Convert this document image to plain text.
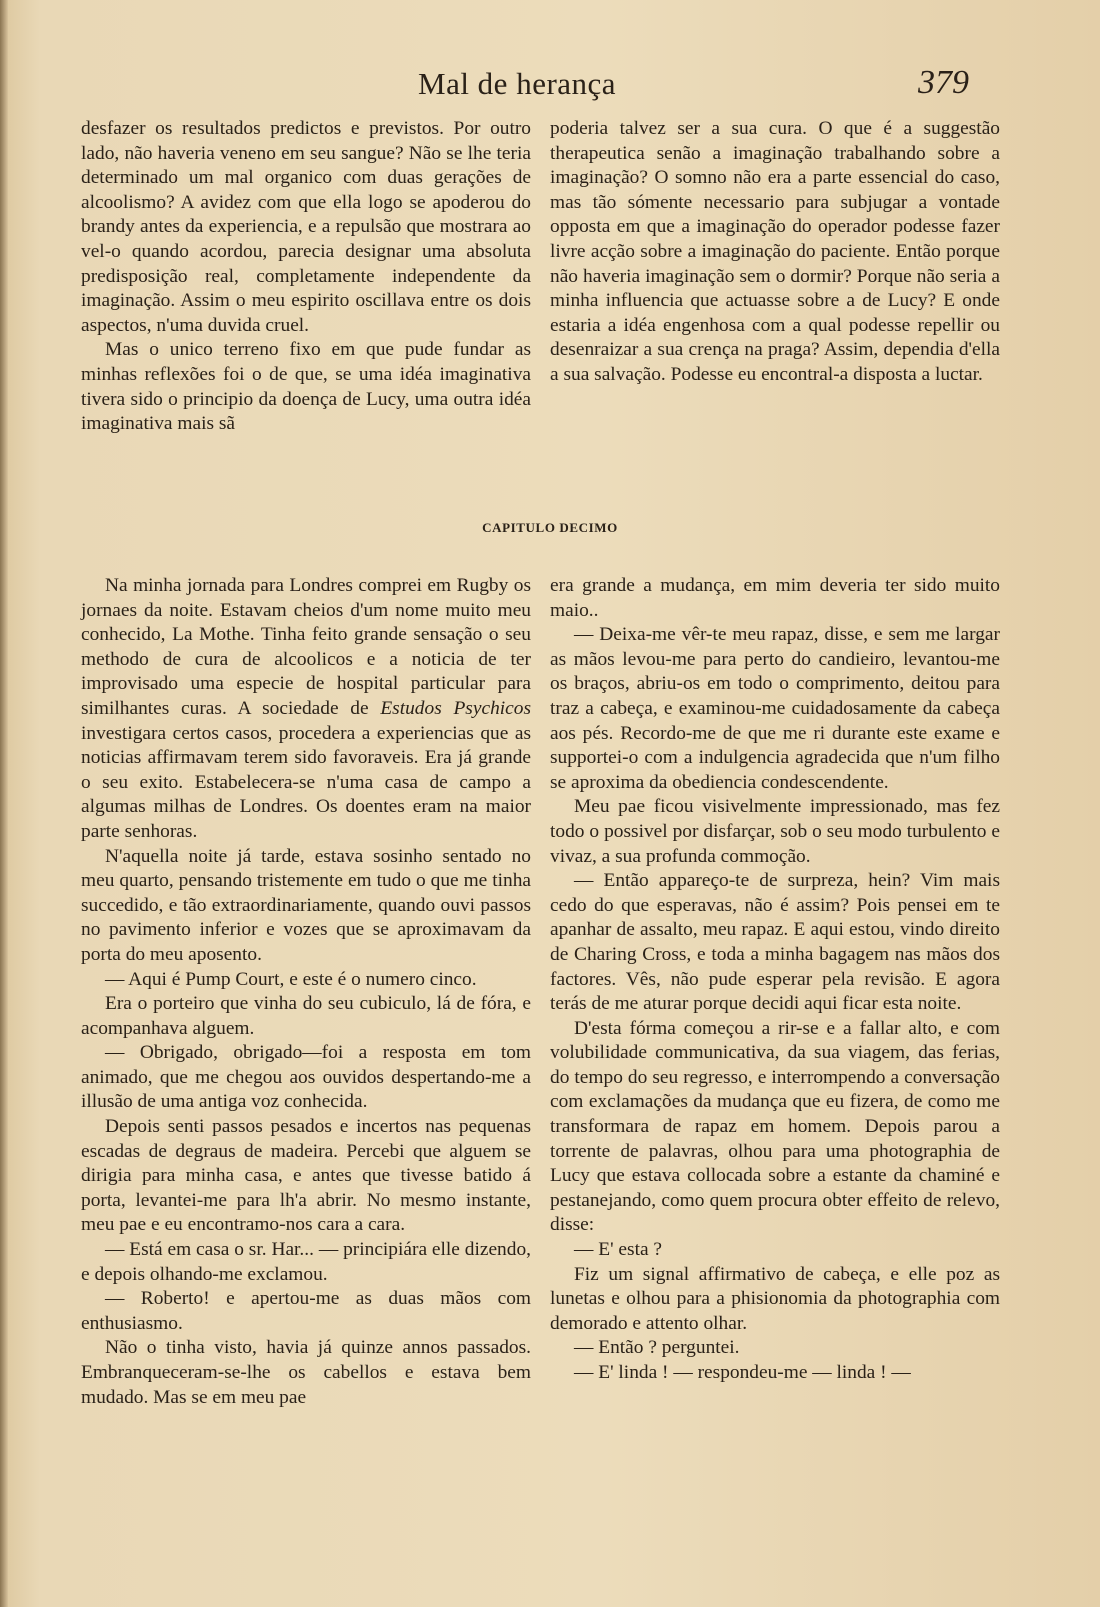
Mal de herança	379

desfazer os resultados predictos e previstos. Por outro lado, não haveria veneno em seu sangue? Não se lhe teria determinado um mal organico com duas gerações de alcoolismo? A avidez com que ella logo se apoderou do brandy antes da experiencia, e a repulsão que mostrara ao vel-o quando acordou, parecia designar uma absoluta predisposição real, completamente independente da imaginação. Assim o meu espirito oscillava entre os dois aspectos, n'uma duvida cruel.

Mas o unico terreno fixo em que pude fundar as minhas reflexões foi o de que, se uma idéa imaginativa tivera sido o principio da doença de Lucy, uma outra idéa imaginativa mais sã

poderia talvez ser a sua cura. O que é a suggestão therapeutica senão a imaginação trabalhando sobre a imaginação? O somno não era a parte essencial do caso, mas tão sómente necessario para subjugar a vontade opposta em que a imaginação do operador podesse fazer livre acção sobre a imaginação do paciente. Então porque não haveria imaginação sem o dormir? Porque não seria a minha influencia que actuasse sobre a de Lucy? E onde estaria a idéa engenhosa com a qual podesse repellir ou desenraizar a sua crença na praga? Assim, dependia d'ella a sua salvação. Podesse eu encontral-a disposta a luctar.

CAPITULO DECIMO

Na minha jornada para Londres comprei em Rugby os jornaes da noite. Estavam cheios d'um nome muito meu conhecido, La Mothe. Tinha feito grande sensação o seu methodo de cura de alcoolicos e a noticia de ter improvisado uma especie de hospital particular para similhantes curas. A sociedade de Estudos Psychicos investigara certos casos, procedera a experiencias que as noticias affirmavam terem sido favoraveis. Era já grande o seu exito. Estabelecera-se n'uma casa de campo a algumas milhas de Londres. Os doentes eram na maior parte senhoras.

N'aquella noite já tarde, estava sosinho sentado no meu quarto, pensando tristemente em tudo o que me tinha succedido, e tão extraordinariamente, quando ouvi passos no pavimento inferior e vozes que se aproximavam da porta do meu aposento.

— Aqui é Pump Court, e este é o numero cinco.

Era o porteiro que vinha do seu cubiculo, lá de fóra, e acompanhava alguem.

— Obrigado, obrigado—foi a resposta em tom animado, que me chegou aos ouvidos despertando-me a illusão de uma antiga voz conhecida.

Depois senti passos pesados e incertos nas pequenas escadas de degraus de madeira. Percebi que alguem se dirigia para minha casa, e antes que tivesse batido á porta, levantei-me para lh'a abrir. No mesmo instante, meu pae e eu encontramo-nos cara a cara.

— Está em casa o sr. Har... — principiára elle dizendo, e depois olhando-me exclamou.

— Roberto! e apertou-me as duas mãos com enthusiasmo.

Não o tinha visto, havia já quinze annos passados. Embranqueceram-se-lhe os cabellos e estava bem mudado. Mas se em meu pae

era grande a mudança, em mim deveria ter sido muito maio..

— Deixa-me vêr-te meu rapaz, disse, e sem me largar as mãos levou-me para perto do candieiro, levantou-me os braços, abriu-os em todo o comprimento, deitou para traz a cabeça, e examinou-me cuidadosamente da cabeça aos pés. Recordo-me de que me ri durante este exame e supportei-o com a indulgencia agradecida que n'um filho se aproxima da obediencia condescendente.

Meu pae ficou visivelmente impressionado, mas fez todo o possivel por disfarçar, sob o seu modo turbulento e vivaz, a sua profunda commoção.

— Então appareço-te de surpreza, hein? Vim mais cedo do que esperavas, não é assim? Pois pensei em te apanhar de assalto, meu rapaz. E aqui estou, vindo direito de Charing Cross, e toda a minha bagagem nas mãos dos factores. Vês, não pude esperar pela revisão. E agora terás de me aturar porque decidi aqui ficar esta noite.

D'esta fórma começou a rir-se e a fallar alto, e com volubilidade communicativa, da sua viagem, das ferias, do tempo do seu regresso, e interrompendo a conversação com exclamações da mudança que eu fizera, de como me transformara de rapaz em homem. Depois parou a torrente de palavras, olhou para uma photographia de Lucy que estava collocada sobre a estante da chaminé e pestanejando, como quem procura obter effeito de relevo, disse:

— E' esta ?

Fiz um signal affirmativo de cabeça, e elle poz as lunetas e olhou para a phisionomia da photographia com demorado e attento olhar.

— Então ? perguntei.

— E' linda ! — respondeu-me — linda ! —
